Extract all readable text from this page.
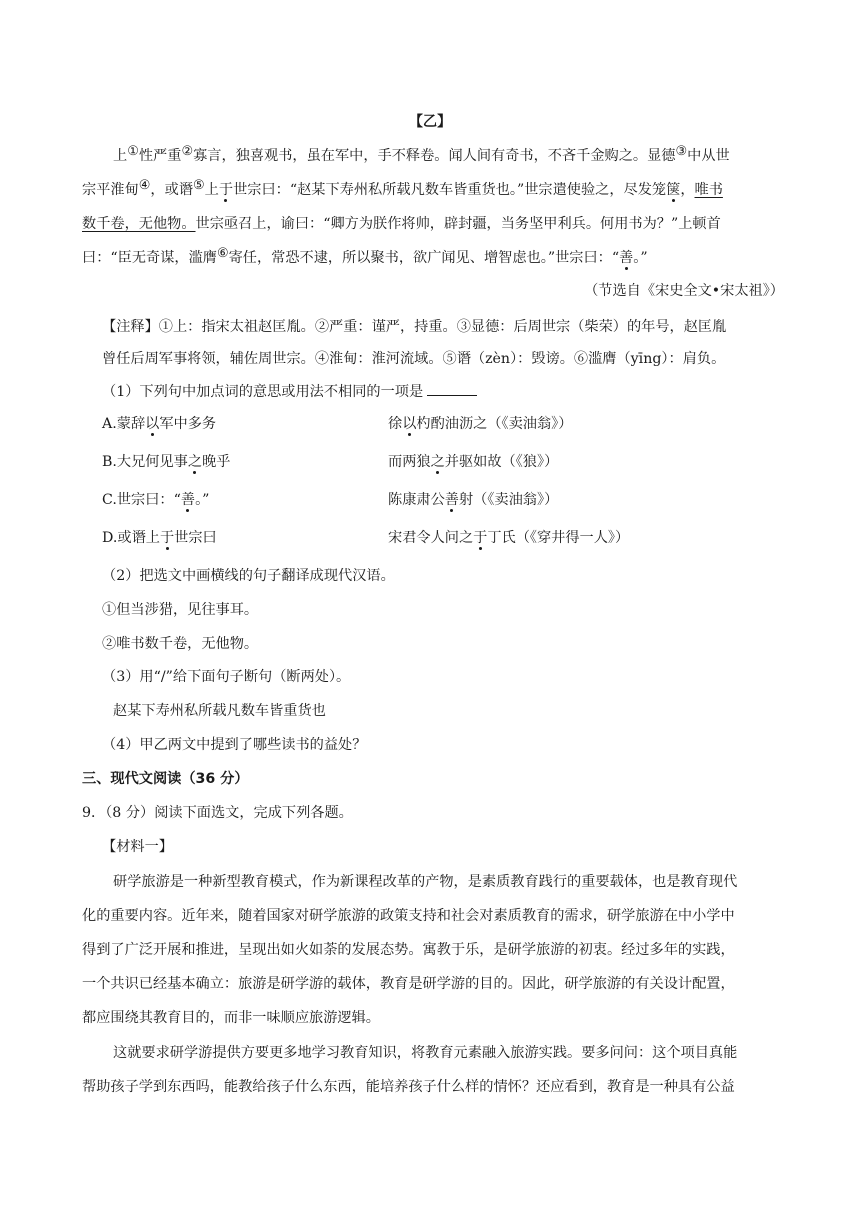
【乙】
上①性严重②寡言，独喜观书，虽在军中，手不释卷。闻人间有奇书，不吝千金购之。显德③中从世
宗平淮甸④，或谮⑤上于世宗曰：“赵某下寿州私所载凡数车皆重货也。”世宗遣使验之，尽发笼箧，唯书
数千卷，无他物。世宗亟召上，谕曰：“卿方为朕作将帅，辟封疆，当务坚甲利兵。何用书为？”上顿首
曰：“臣无奇谋，滥膺⑥寄任，常恐不逮，所以聚书，欲广闻见、增智虑也。”世宗曰：“善。”
（节选自《宋史全文•宋太祖》）
【注释】①上：指宋太祖赵匡胤。②严重：谨严，持重。③显德：后周世宗（柴荣）的年号，赵匡胤
曾任后周军事将领，辅佐周世宗。④淮甸：淮河流域。⑤谮（zèn）：毁谤。⑥滥膺（yīng）：肩负。
（1）下列句中加点词的意思或用法不相同的一项是
A.蒙辞以军中多务	徐以杓酌油沥之（《卖油翁》）
B.大兄何见事之晚乎	而两狼之并驱如故（《狼》）
C.世宗曰：“善。”	陈康肃公善射（《卖油翁》）
D.或谮上于世宗曰	宋君令人问之于丁氏（《穿井得一人》）
（2）把选文中画横线的句子翻译成现代汉语。
①但当涉猎，见往事耳。
②唯书数千卷，无他物。
（3）用“/”给下面句子断句（断两处）。
赵某下寿州私所载凡数车皆重货也
（4）甲乙两文中提到了哪些读书的益处？
三、现代文阅读（36 分）
9．（8 分）阅读下面选文，完成下列各题。
【材料一】
研学旅游是一种新型教育模式，作为新课程改革的产物，是素质教育践行的重要载体，也是教育现代
化的重要内容。近年来，随着国家对研学旅游的政策支持和社会对素质教育的需求，研学旅游在中小学中
得到了广泛开展和推进，呈现出如火如荼的发展态势。寓教于乐，是研学旅游的初衷。经过多年的实践，
一个共识已经基本确立：旅游是研学游的载体，教育是研学游的目的。因此，研学旅游的有关设计配置，
都应围绕其教育目的，而非一味顺应旅游逻辑。
这就要求研学游提供方要更多地学习教育知识，将教育元素融入旅游实践。要多问问：这个项目真能
帮助孩子学到东西吗，能教给孩子什么东西，能培养孩子什么样的情怀？还应看到，教育是一种具有公益
